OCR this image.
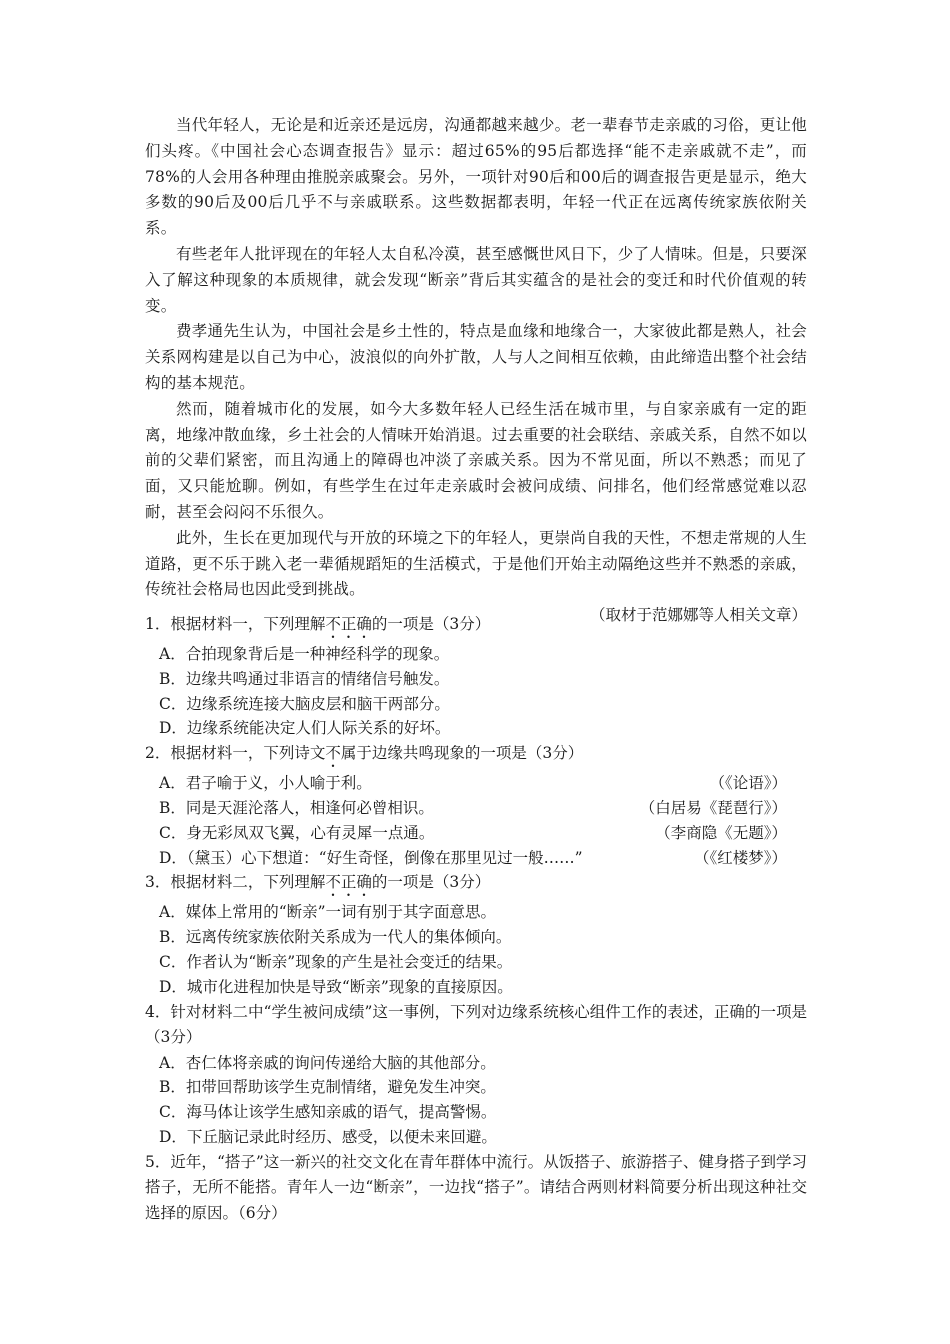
当代年轻人，无论是和近亲还是远房，沟通都越来越少。老一辈春节走亲戚的习俗，更让他们头疼。《中国社会心态调查报告》显示：超过65%的95后都选择“能不走亲戚就不走”，而78%的人会用各种理由推脱亲戚聚会。另外，一项针对90后和00后的调查报告更是显示，绝大多数的90后及00后几乎不与亲戚联系。这些数据都表明，年轻一代正在远离传统家族依附关系。

有些老年人批评现在的年轻人太自私冷漠，甚至感慨世风日下，少了人情味。但是，只要深入了解这种现象的本质规律，就会发现“断亲”背后其实蕴含的是社会的变迁和时代价值观的转变。

费孝通先生认为，中国社会是乡土性的，特点是血缘和地缘合一，大家彼此都是熟人，社会关系网构建是以自己为中心，波浪似的向外扩散，人与人之间相互依赖，由此缔造出整个社会结构的基本规范。

然而，随着城市化的发展，如今大多数年轻人已经生活在城市里，与自家亲戚有一定的距离，地缘冲散血缘，乡土社会的人情味开始消退。过去重要的社会联结、亲戚关系，自然不如以前的父辈们紧密，而且沟通上的障碍也冲淡了亲戚关系。因为不常见面，所以不熟悉；而见了面，又只能尬聊。例如，有些学生在过年走亲戚时会被问成绩、问排名，他们经常感觉难以忍耐，甚至会闷闷不乐很久。

此外，生长在更加现代与开放的环境之下的年轻人，更崇尚自我的天性，不想走常规的人生道路，更不乐于跳入老一辈循规蹈矩的生活模式，于是他们开始主动隔绝这些并不熟悉的亲戚，传统社会格局也因此受到挑战。

（取材于范娜娜等人相关文章）

1．根据材料一，下列理解不正确的一项是（3分）

A．合拍现象背后是一种神经科学的现象。

B．边缘共鸣通过非语言的情绪信号触发。

C．边缘系统连接大脑皮层和脑干两部分。

D．边缘系统能决定人们人际关系的好坏。

2．根据材料一，下列诗文不属于边缘共鸣现象的一项是（3分）

A．君子喻于义，小人喻于利。	（《论语》）

B．同是天涯沦落人，相逢何必曾相识。	（白居易《琵琶行》）

C．身无彩凤双飞翼，心有灵犀一点通。	（李商隐《无题》）

D．（黛玉）心下想道：“好生奇怪，倒像在那里见过一般……”	（《红楼梦》）

3．根据材料二，下列理解不正确的一项是（3分）

A．媒体上常用的“断亲”一词有别于其字面意思。

B．远离传统家族依附关系成为一代人的集体倾向。

C．作者认为“断亲”现象的产生是社会变迁的结果。

D．城市化进程加快是导致“断亲”现象的直接原因。

4．针对材料二中“学生被问成绩”这一事例，下列对边缘系统核心组件工作的表述，正确的一项是（3分）

A．杏仁体将亲戚的询问传递给大脑的其他部分。

B．扣带回帮助该学生克制情绪，避免发生冲突。

C．海马体让该学生感知亲戚的语气，提高警惕。

D．下丘脑记录此时经历、感受，以便未来回避。

5．近年，“搭子”这一新兴的社交文化在青年群体中流行。从饭搭子、旅游搭子、健身搭子到学习搭子，无所不能搭。青年人一边“断亲”，一边找“搭子”。请结合两则材料简要分析出现这种社交选择的原因。（6分）
